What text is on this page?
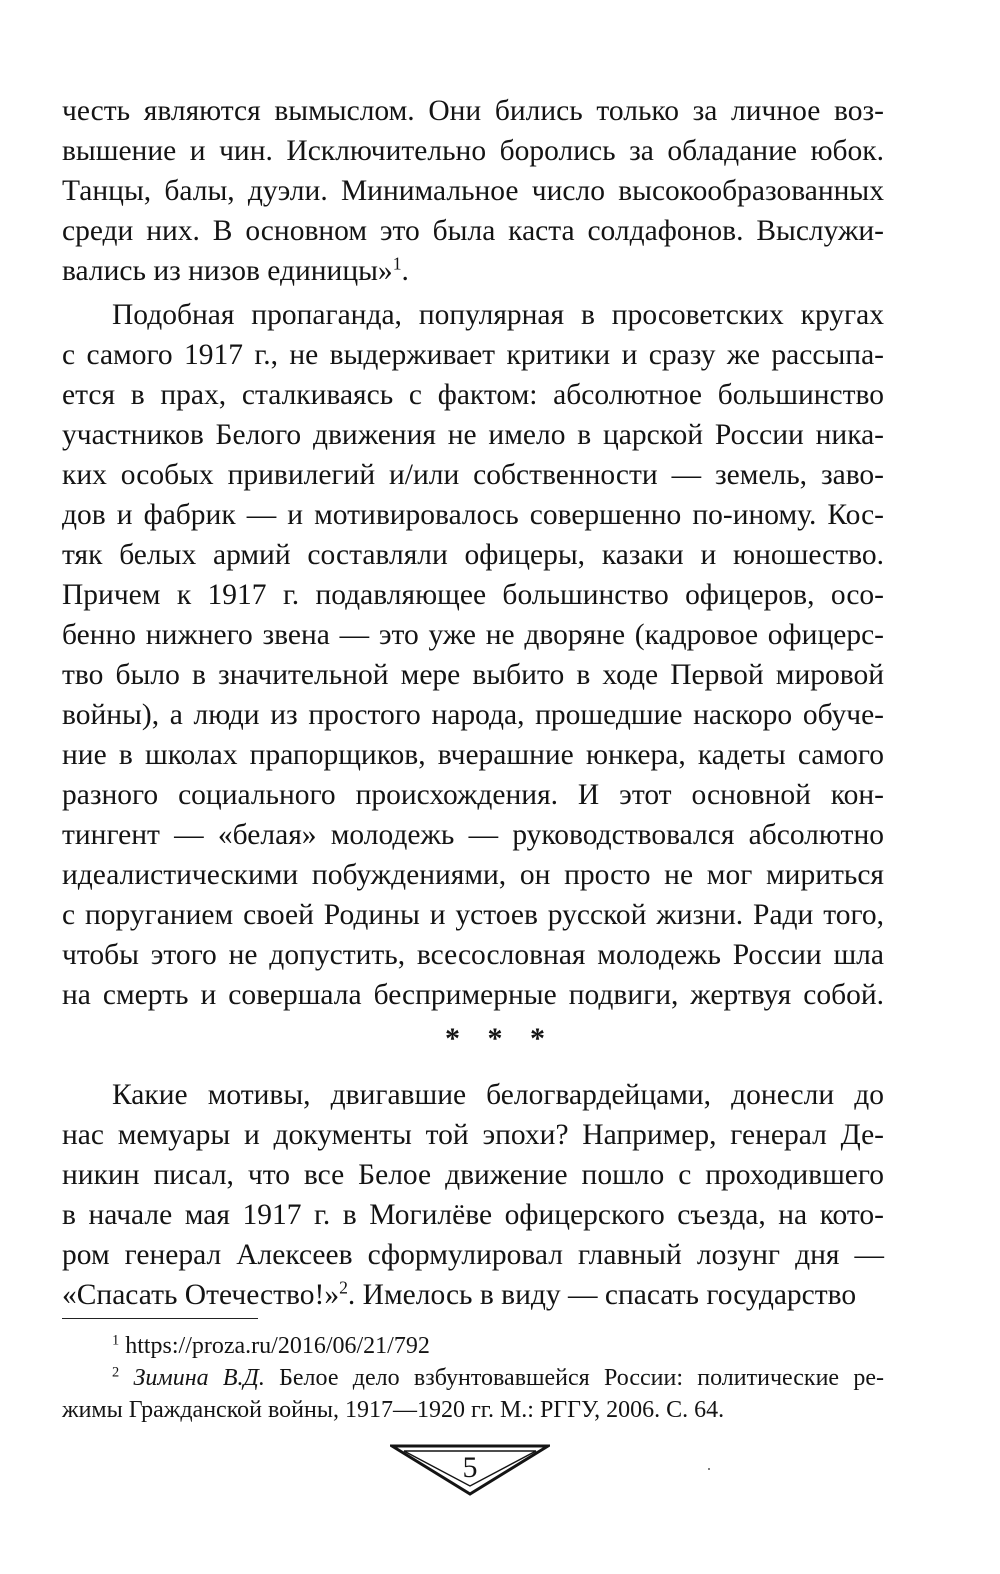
честь являются вымыслом. Они бились только за личное воз-
вышение и чин. Исключительно боролись за обладание юбок.
Танцы, балы, дуэли. Минимальное число высокообразованных
среди них. В основном это была каста солдафонов. Выслужи-
вались из низов единицы»$^1$.
Подобная пропаганда, популярная в просоветских кругах
с самого 1917 г., не выдерживает критики и сразу же рассыпа-
ется в прах, сталкиваясь с фактом: абсолютное большинство
участников Белого движения не имело в царской России ника-
ких особых привилегий и/или собственности — земель, заво-
дов и фабрик — и мотивировалось совершенно по-иному. Кос-
тяк белых армий составляли офицеры, казаки и юношество.
Причем к 1917 г. подавляющее большинство офицеров, осо-
бенно нижнего звена — это уже не дворяне (кадровое офицерс-
тво было в значительной мере выбито в ходе Первой мировой
войны), а люди из простого народа, прошедшие наскоро обуче-
ние в школах прапорщиков, вчерашние юнкера, кадеты самого
разного социального происхождения. И этот основной кон-
тингент — «белая» молодежь — руководствовался абсолютно
идеалистическими побуждениями, он просто не мог мириться
с поруганием своей Родины и устоев русской жизни. Ради того,
чтобы этого не допустить, всесословная молодежь России шла
на смерть и совершала беспримерные подвиги, жертвуя собой.
* * *
Какие мотивы, двигавшие белогвардейцами, донесли до
нас мемуары и документы той эпохи? Например, генерал Де-
никин писал, что все Белое движение пошло с проходившего
в начале мая 1917 г. в Могилёве офицерского съезда, на кото-
ром генерал Алексеев сформулировал главный лозунг дня —
«Спасать Отечество!»$^2$. Имелось в виду — спасать государство
$^1$ https://proza.ru/2016/06/21/792
$^2$ Зимина В.Д. Белое дело взбунтовавшейся России: политические ре-
жимы Гражданской войны, 1917—1920 гг. М.: РГГУ, 2006. С. 64.
5
